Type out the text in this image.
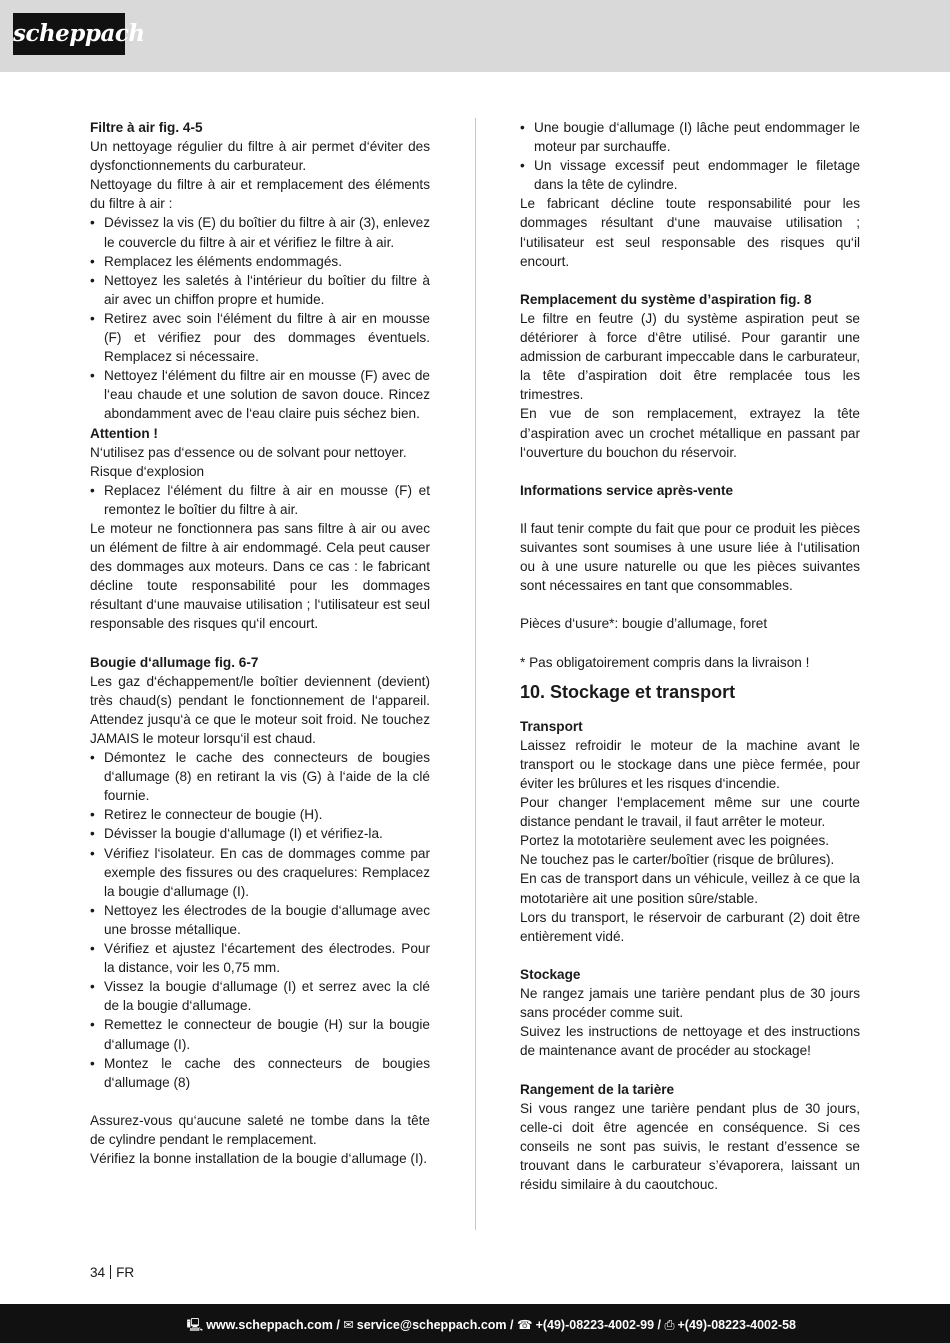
scheppach

Filtre à air fig. 4-5

Un nettoyage régulier du filtre à air permet d‘éviter des dysfonctionnements du carburateur.

Nettoyage du filtre à air et remplacement des éléments du filtre à air :

• Dévissez la vis (E) du boîtier du filtre à air (3), enlevez le couvercle du filtre à air et vérifiez le filtre à air.
• Remplacez les éléments endommagés.
• Nettoyez les saletés à l‘intérieur du boîtier du filtre à air avec un chiffon propre et humide.
• Retirez avec soin l‘élément du filtre à air en mousse (F) et vérifiez pour des dommages éventuels. Remplacez si nécessaire.
• Nettoyez l‘élément du filtre air en mousse (F) avec de l‘eau chaude et une solution de savon douce. Rincez abondamment avec de l‘eau claire puis séchez bien.

Attention !

N‘utilisez pas d‘essence ou de solvant pour nettoyer.

Risque d‘explosion

• Replacez l‘élément du filtre à air en mousse (F) et remontez le boîtier du filtre à air.

Le moteur ne fonctionnera pas sans filtre à air ou avec un élément de filtre à air endommagé. Cela peut causer des dommages aux moteurs. Dans ce cas : le fabricant décline toute responsabilité pour les dommages résultant d‘une mauvaise utilisation ; l‘utilisateur est seul responsable des risques qu‘il encourt.

Bougie d‘allumage fig. 6-7

Les gaz d‘échappement/le boîtier deviennent (devient) très chaud(s) pendant le fonctionnement de l‘appareil. Attendez jusqu‘à ce que le moteur soit froid. Ne touchez JAMAIS le moteur lorsqu‘il est chaud.

• Démontez le cache des connecteurs de bougies d‘allumage (8) en retirant la vis (G) à l‘aide de la clé fournie.
• Retirez le connecteur de bougie (H).
• Dévisser la bougie d‘allumage (I) et vérifiez-la.
• Vérifiez l‘isolateur. En cas de dommages comme par exemple des fissures ou des craquelures: Remplacez la bougie d‘allumage (I).
• Nettoyez les électrodes de la bougie d‘allumage avec une brosse métallique.
• Vérifiez et ajustez l‘écartement des électrodes. Pour la distance, voir les 0,75 mm.
• Vissez la bougie d‘allumage (I) et serrez avec la clé de la bougie d‘allumage.
• Remettez le connecteur de bougie (H) sur la bougie d‘allumage (I).
• Montez le cache des connecteurs de bougies d‘allumage (8)

Assurez-vous qu‘aucune saleté ne tombe dans la tête de cylindre pendant le remplacement.

Vérifiez la bonne installation de la bougie d‘allumage (I).

• Une bougie d‘allumage (I) lâche peut endommager le moteur par surchauffe.
• Un vissage excessif peut endommager le filetage dans la tête de cylindre.

Le fabricant décline toute responsabilité pour les dommages résultant d‘une mauvaise utilisation ; l‘utilisateur est seul responsable des risques qu‘il encourt.

Remplacement du système d’aspiration fig. 8

Le filtre en feutre (J) du système aspiration peut se détériorer à force d‘être utilisé. Pour garantir une admission de carburant impeccable dans le carburateur, la tête d’aspiration doit être remplacée tous les trimestres.

En vue de son remplacement, extrayez la tête d’aspiration avec un crochet métallique en passant par l‘ouverture du bouchon du réservoir.

Informations service après-vente

Il faut tenir compte du fait que pour ce produit les pièces suivantes sont soumises à une usure liée à l‘utilisation ou à une usure naturelle ou que les pièces suivantes sont nécessaires en tant que consommables.

Pièces d‘usure*: bougie d’allumage, foret

* Pas obligatoirement compris dans la livraison !

10. Stockage et transport

Transport

Laissez refroidir le moteur de la machine avant le transport ou le stockage dans une pièce fermée, pour éviter les brûlures et les risques d‘incendie.

Pour changer l‘emplacement même sur une courte distance pendant le travail, il faut arrêter le moteur.

Portez la mototarière seulement avec les poignées.

Ne touchez pas le carter/boîtier (risque de brûlures).

En cas de transport dans un véhicule, veillez à ce que la mototarière ait une position sûre/stable.

Lors du transport, le réservoir de carburant (2) doit être entièrement vidé.

Stockage

Ne rangez jamais une tarière pendant plus de 30 jours sans procéder comme suit.

Suivez les instructions de nettoyage et des instructions de maintenance avant de procéder au stockage!

Rangement de la tarière

Si vous rangez une tarière pendant plus de 30 jours, celle-ci doit être agencée en conséquence. Si ces conseils ne sont pas suivis, le restant d’essence se trouvant dans le carburateur s’évaporera, laissant un résidu similaire à du caoutchouc.

34 FR
🖳︎ www.scheppach.com / ✉︎ service@scheppach.com / ☎︎ +(49)-08223-4002-99 / ⎙ +(49)-08223-4002-58
